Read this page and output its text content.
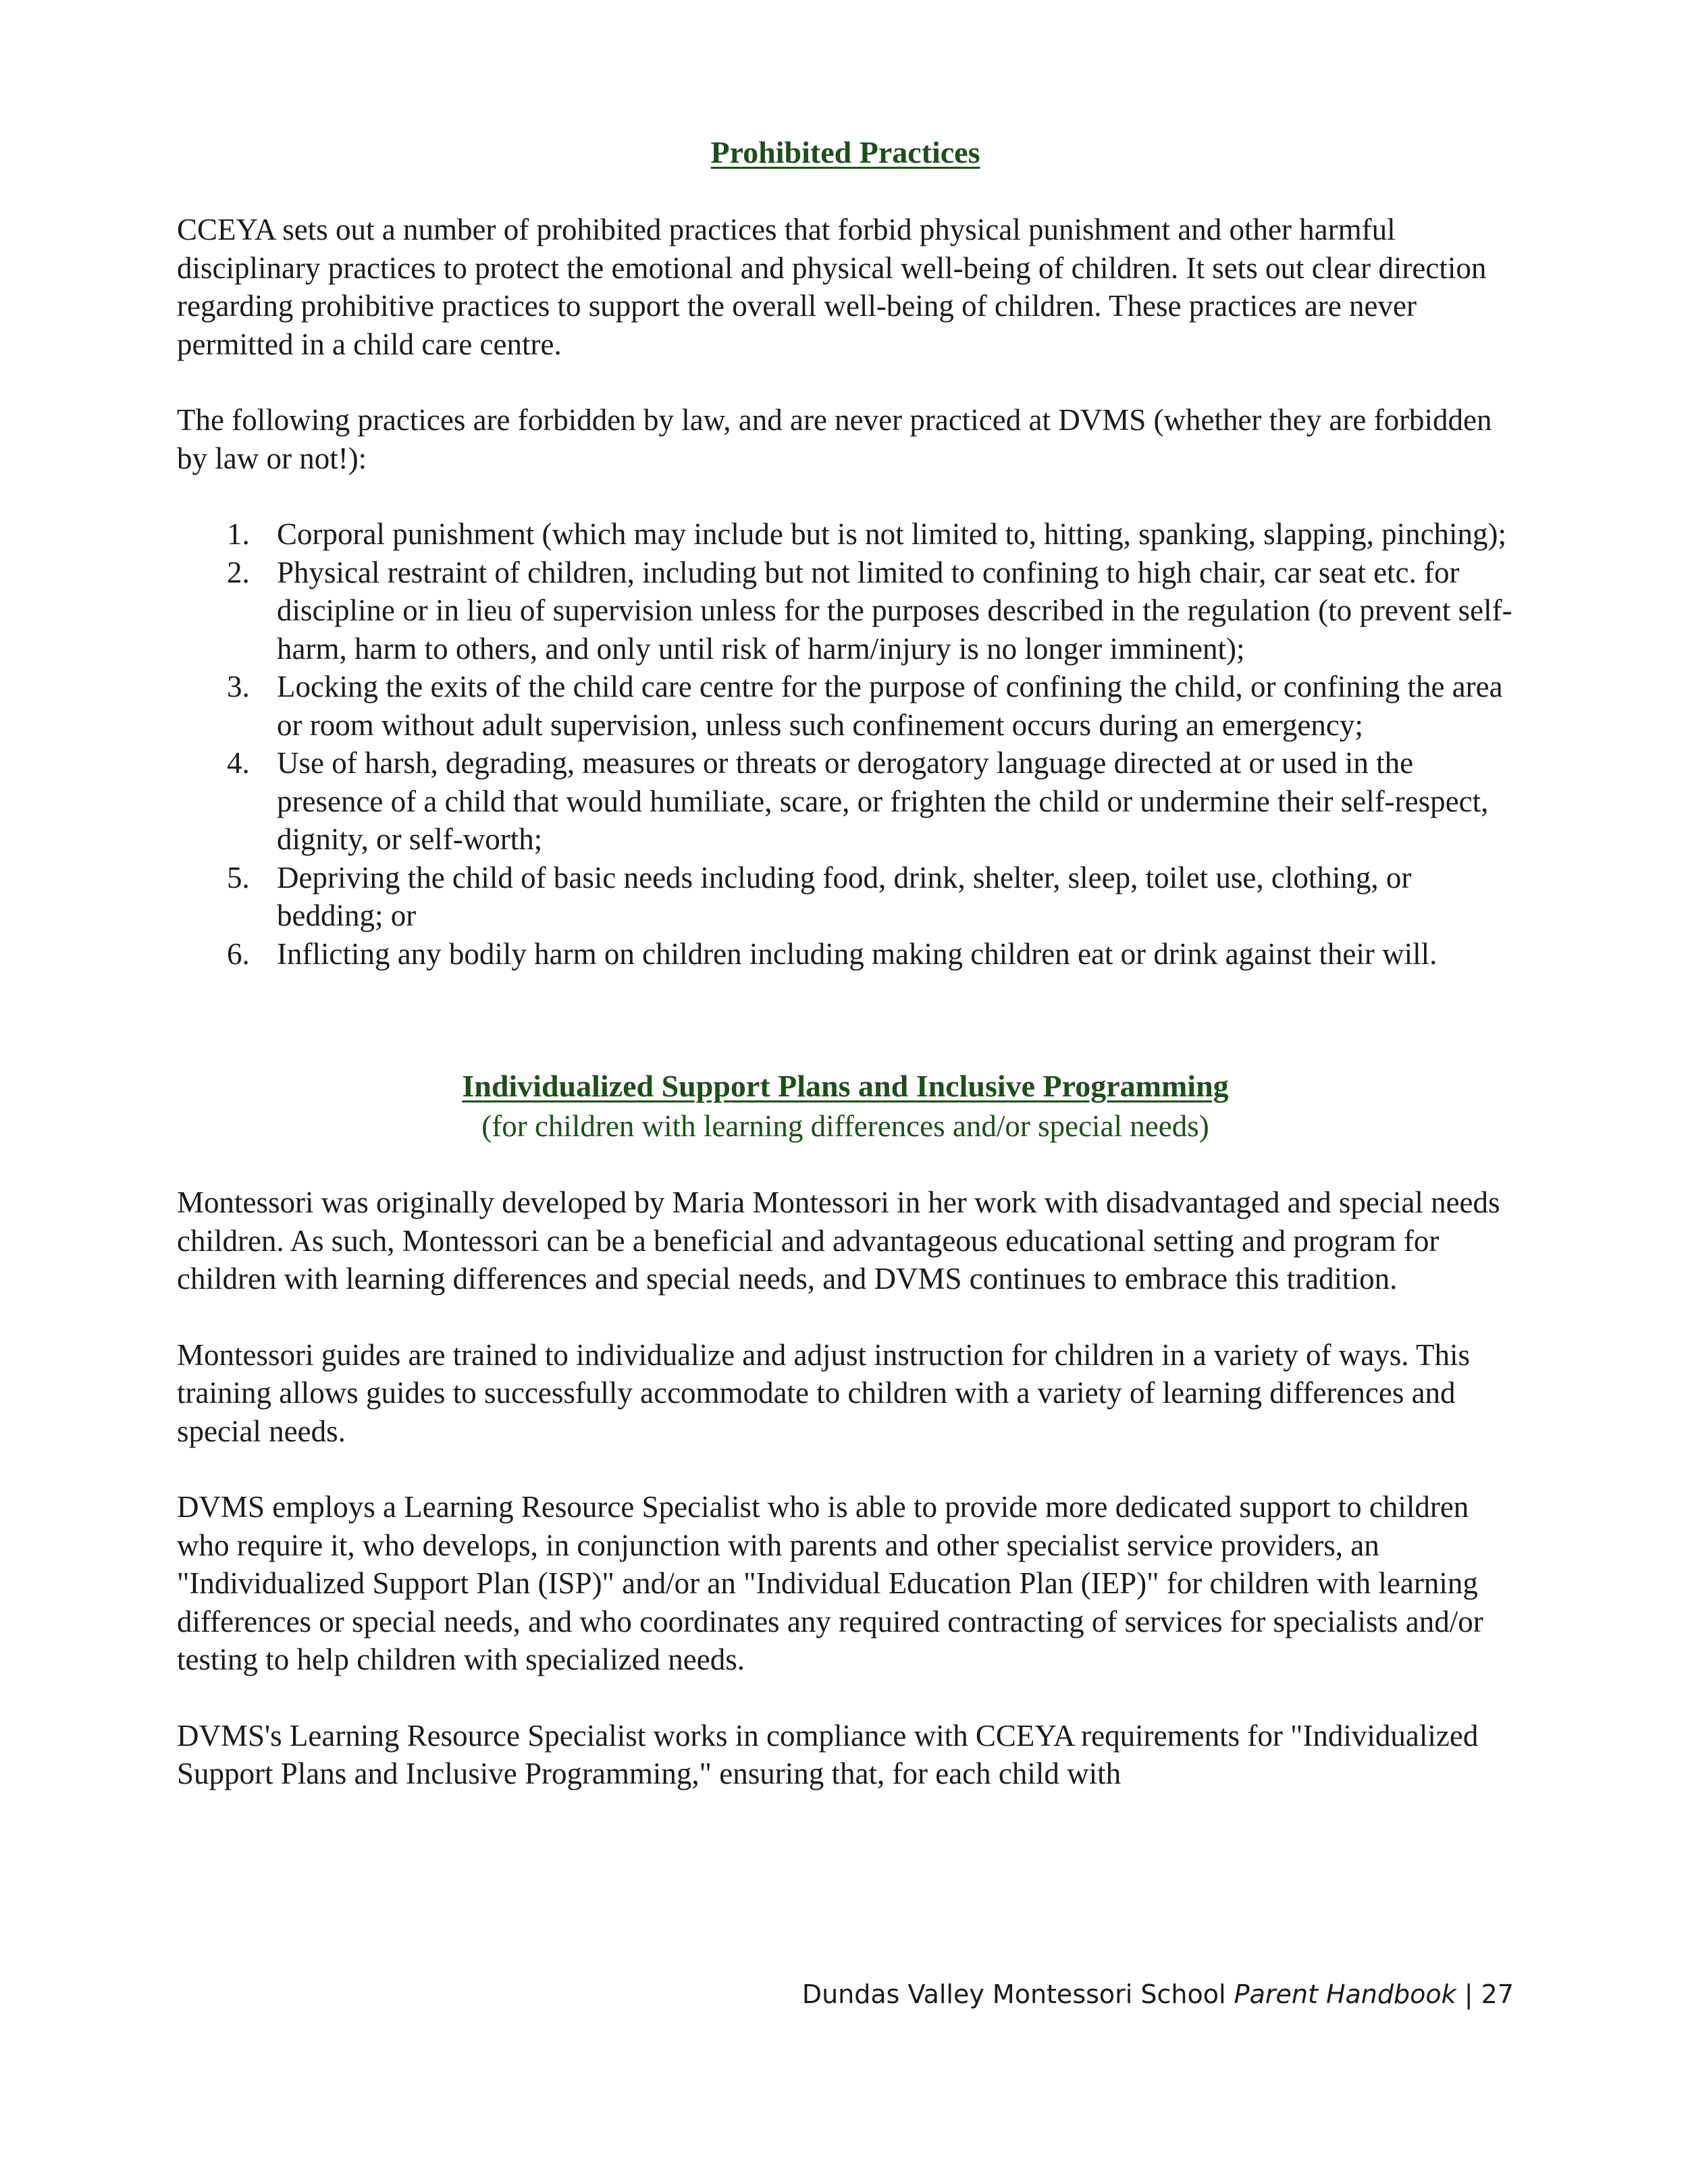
Prohibited Practices

CCEYA sets out a number of prohibited practices that forbid physical punishment and other harmful disciplinary practices to protect the emotional and physical well-being of children. It sets out clear direction regarding prohibitive practices to support the overall well-being of children. These practices are never permitted in a child care centre.

The following practices are forbidden by law, and are never practiced at DVMS (whether they are forbidden by law or not!):

1. Corporal punishment (which may include but is not limited to, hitting, spanking, slapping, pinching);
2. Physical restraint of children, including but not limited to confining to high chair, car seat etc. for discipline or in lieu of supervision unless for the purposes described in the regulation (to prevent self-harm, harm to others, and only until risk of harm/injury is no longer imminent);
3. Locking the exits of the child care centre for the purpose of confining the child, or confining the area or room without adult supervision, unless such confinement occurs during an emergency;
4. Use of harsh, degrading, measures or threats or derogatory language directed at or used in the presence of a child that would humiliate, scare, or frighten the child or undermine their self-respect, dignity, or self-worth;
5. Depriving the child of basic needs including food, drink, shelter, sleep, toilet use, clothing, or bedding; or
6. Inflicting any bodily harm on children including making children eat or drink against their will.
Individualized Support Plans and Inclusive Programming

(for children with learning differences and/or special needs)

Montessori was originally developed by Maria Montessori in her work with disadvantaged and special needs children. As such, Montessori can be a beneficial and advantageous educational setting and program for children with learning differences and special needs, and DVMS continues to embrace this tradition.

Montessori guides are trained to individualize and adjust instruction for children in a variety of ways. This training allows guides to successfully accommodate to children with a variety of learning differences and special needs.

DVMS employs a Learning Resource Specialist who is able to provide more dedicated support to children who require it, who develops, in conjunction with parents and other specialist service providers, an "Individualized Support Plan (ISP)" and/or an "Individual Education Plan (IEP)" for children with learning differences or special needs, and who coordinates any required contracting of services for specialists and/or testing to help children with specialized needs.

DVMS's Learning Resource Specialist works in compliance with CCEYA requirements for "Individualized Support Plans and Inclusive Programming," ensuring that, for each child with

Dundas Valley Montessori School Parent Handbook | 27
